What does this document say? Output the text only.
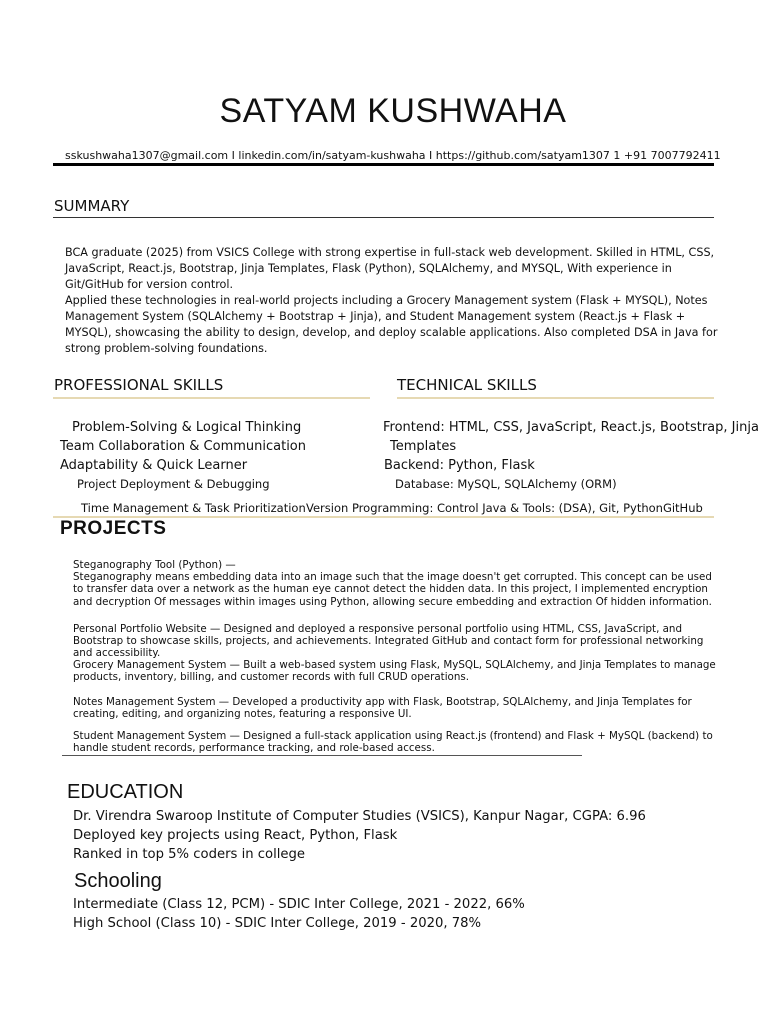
SATYAM KUSHWAHA
sskushwaha1307@gmail.com I linkedin.com/in/satyam-kushwaha I https://github.com/satyam1307 1 +91 7007792411
SUMMARY
BCA graduate (2025) from VSICS College with strong expertise in full-stack web development. Skilled in HTML, CSS, JavaScript, React.js, Bootstrap, Jinja Templates, Flask (Python), SQLAlchemy, and MYSQL, With experience in Git/GitHub for version control.
Applied these technologies in real-world projects including a Grocery Management system (Flask + MYSQL), Notes Management System (SQLAlchemy + Bootstrap + Jinja), and Student Management system (React.js + Flask + MYSQL), showcasing the ability to design, develop, and deploy scalable applications. Also completed DSA in Java for strong problem-solving foundations.
PROFESSIONAL SKILLS	TECHNICAL SKILLS
Problem-Solving & Logical Thinking
Team Collaboration & Communication
Adaptability & Quick Learner
Project Deployment & Debugging
Time Management & Task Prioritization
Frontend: HTML, CSS, JavaScript, React.js, Bootstrap, Jinja
Templates
Backend: Python, Flask
Database: MySQL, SQLAlchemy (ORM)
Version Programming: Control Java & Tools: (DSA), Git, PythonGitHub
PROJECTS
Steganography Tool (Python) —
Steganography means embedding data into an image such that the image doesn't get corrupted. This concept can be used to transfer data over a network as the human eye cannot detect the hidden data. In this project, I implemented encryption and decryption Of messages within images using Python, allowing secure embedding and extraction Of hidden information.
Personal Portfolio Website — Designed and deployed a responsive personal portfolio using HTML, CSS, JavaScript, and Bootstrap to showcase skills, projects, and achievements. Integrated GitHub and contact form for professional networking and accessibility.
Grocery Management System — Built a web-based system using Flask, MySQL, SQLAlchemy, and Jinja Templates to manage products, inventory, billing, and customer records with full CRUD operations.
Notes Management System — Developed a productivity app with Flask, Bootstrap, SQLAlchemy, and Jinja Templates for creating, editing, and organizing notes, featuring a responsive UI.
Student Management System — Designed a full-stack application using React.js (frontend) and Flask + MySQL (backend) to handle student records, performance tracking, and role-based access.
EDUCATION
Dr. Virendra Swaroop Institute of Computer Studies (VSICS), Kanpur Nagar, CGPA: 6.96
Deployed key projects using React, Python, Flask
Ranked in top 5% coders in college
Schooling
Intermediate (Class 12, PCM) - SDIC Inter College, 2021 - 2022, 66%
High School (Class 10) - SDIC Inter College, 2019 - 2020, 78%
